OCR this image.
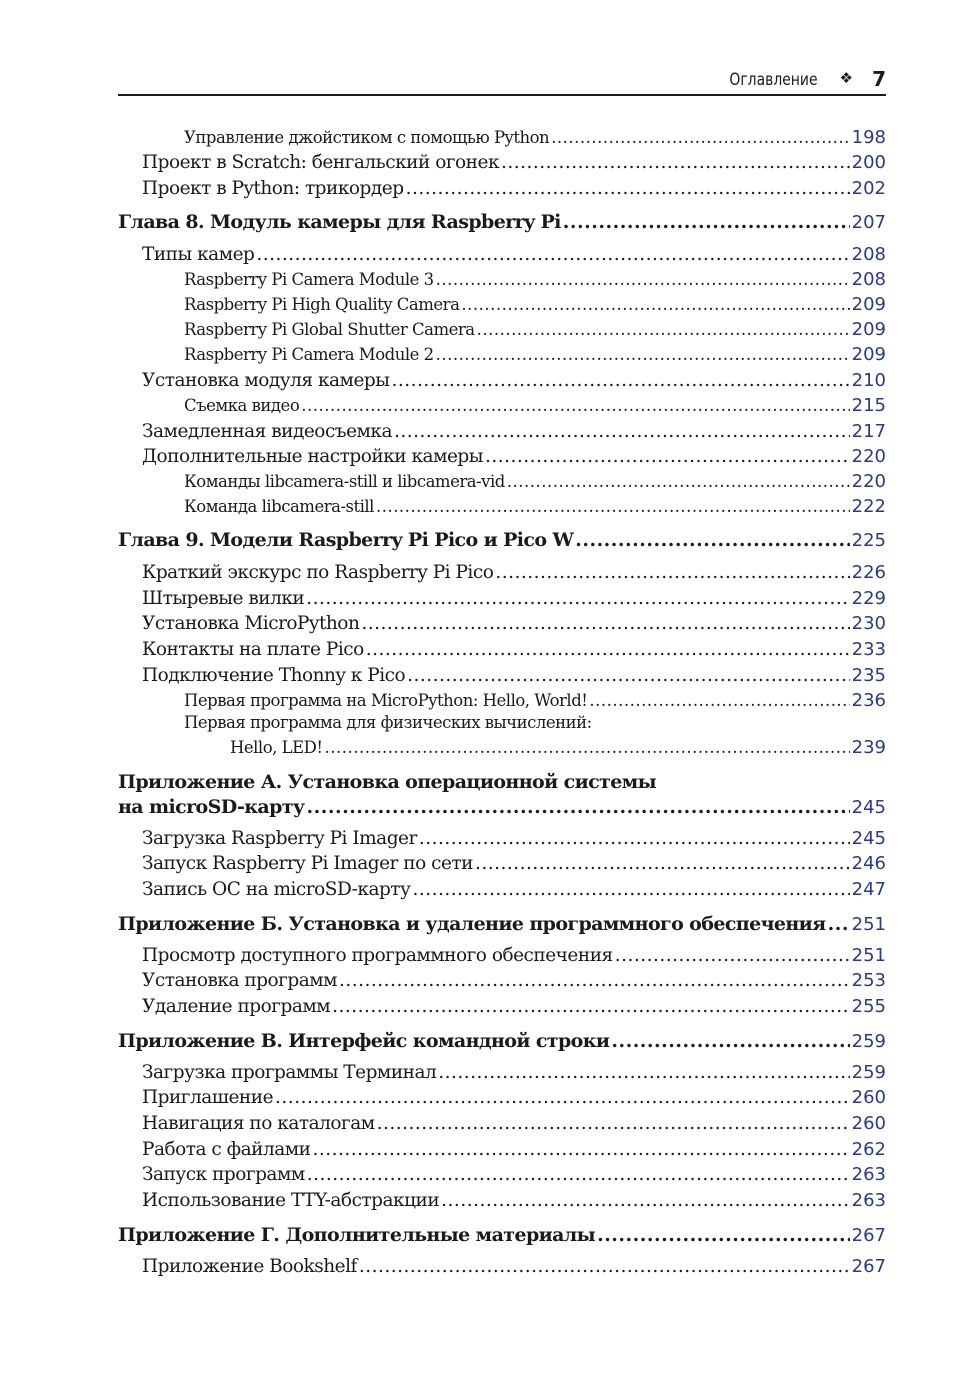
Оглавление ❖ 7
Управление джойстиком с помощью Python .....	198
Проект в Scratch: бенгальский огонек .....	200
Проект в Python: трикордер .....	202
Глава 8. Модуль камеры для Raspberry Pi .....	207
Типы камер .....	208
Raspberry Pi Camera Module 3 .....	208
Raspberry Pi High Quality Camera .....	209
Raspberry Pi Global Shutter Camera .....	209
Raspberry Pi Camera Module 2 .....	209
Установка модуля камеры .....	210
Съемка видео .....	215
Замедленная видеосъемка .....	217
Дополнительные настройки камеры .....	220
Команды libcamera-still и libcamera-vid .....	220
Команда libcamera-still .....	222
Глава 9. Модели Raspberry Pi Pico и Pico W .....	225
Краткий экскурс по Raspberry Pi Pico .....	226
Штыревые вилки .....	229
Установка MicroPython .....	230
Контакты на плате Pico .....	233
Подключение Thonny к Pico .....	235
Первая программа на MicroPython: Hello, World! .....	236
Первая программа для физических вычислений:
Hello, LED! .....	239
Приложение А. Установка операционной системы
на microSD-карту .....	245
Загрузка Raspberry Pi Imager .....	245
Запуск Raspberry Pi Imager по сети .....	246
Запись ОС на microSD-карту .....	247
Приложение Б. Установка и удаление программного обеспечения ..... 251
Просмотр доступного программного обеспечения .....	251
Установка программ .....	253
Удаление программ .....	255
Приложение В. Интерфейс командной строки .....	259
Загрузка программы Терминал .....	259
Приглашение .....	260
Навигация по каталогам .....	260
Работа с файлами .....	262
Запуск программ .....	263
Использование TTY-абстракции .....	263
Приложение Г. Дополнительные материалы .....	267
Приложение Bookshelf .....	267
